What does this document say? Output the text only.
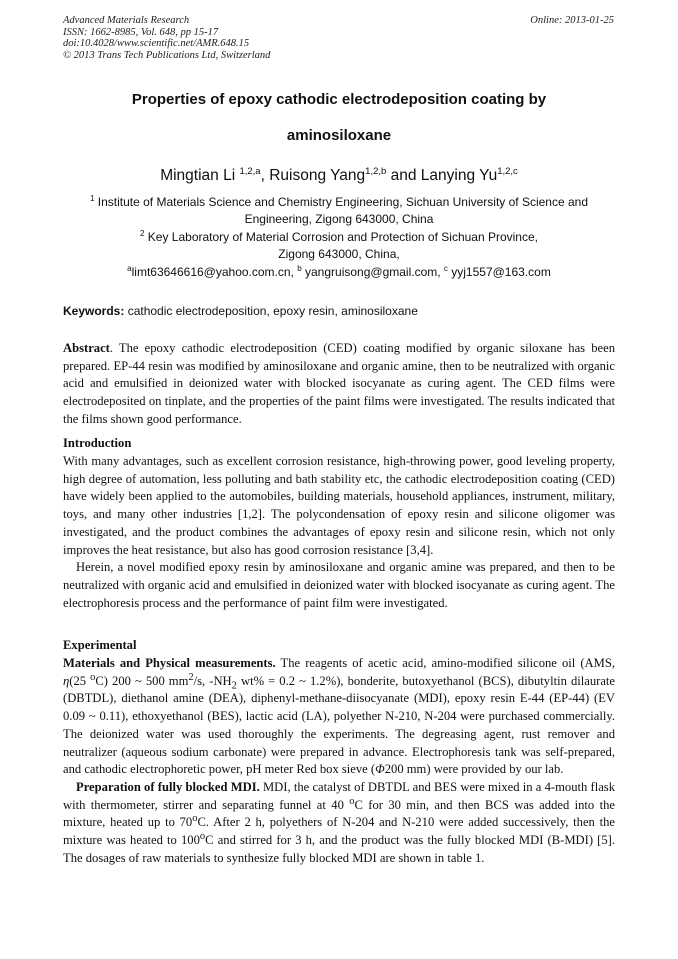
Advanced Materials Research
ISSN: 1662-8985, Vol. 648, pp 15-17
doi:10.4028/www.scientific.net/AMR.648.15
© 2013 Trans Tech Publications Ltd, Switzerland
Online: 2013-01-25
Properties of epoxy cathodic electrodeposition coating by
aminosiloxane
Mingtian Li $^{1,2,a}$, Ruisong Yang$^{1,2,b}$ and Lanying Yu$^{1,2,c}$
$^1$ Institute of Materials Science and Chemistry Engineering, Sichuan University of Science and
Engineering, Zigong 643000, China
$^2$ Key Laboratory of Material Corrosion and Protection of Sichuan Province,
Zigong 643000, China,
$^a$limt63646616@yahoo.com.cn, $^b$ yangruisong@gmail.com, $^c$ yyj1557@163.com
Keywords: cathodic electrodeposition, epoxy resin, aminosiloxane
Abstract. The epoxy cathodic electrodeposition (CED) coating modified by organic siloxane has been prepared. EP-44 resin was modified by aminosiloxane and organic amine, then to be neutralized with organic acid and emulsified in deionized water with blocked isocyanate as curing agent. The CED films were electrodeposited on tinplate, and the properties of the paint films were investigated. The results indicated that the films shown good performance.
Introduction
With many advantages, such as excellent corrosion resistance, high-throwing power, good leveling property, high degree of automation, less polluting and bath stability etc, the cathodic electrodeposition coating (CED) have widely been applied to the automobiles, building materials, household appliances, instrument, military, toys, and many other industries [1,2]. The polycondensation of epoxy resin and silicone oligomer was investigated, and the product combines the advantages of epoxy resin and silicone resin, which not only improves the heat resistance, but also has good corrosion resistance [3,4].
Herein, a novel modified epoxy resin by aminosiloxane and organic amine was prepared, and then to be neutralized with organic acid and emulsified in deionized water with blocked isocyanate as curing agent. The electrophoresis process and the performance of paint film were investigated.
Experimental
Materials and Physical measurements. The reagents of acetic acid, amino-modified silicone oil (AMS, η(25 $^o$C) 200 ~ 500 $mm^2/s$, $-NH_2$ wt% = 0.2 ~ 1.2%), bonderite, butoxyethanol (BCS), dibutyltin dilaurate (DBTDL), diethanol amine (DEA), diphenyl-methane-diisocyanate (MDI), epoxy resin E-44 (EP-44) (EV 0.09 ~ 0.11), ethoxyethanol (BES), lactic acid (LA), polyether N-210, N-204 were purchased commercially. The deionized water was used thoroughly the experiments. The degreasing agent, rust remover and neutralizer (aqueous sodium carbonate) were prepared in advance. Electrophoresis tank was self-prepared, and cathodic electrophoretic power, pH meter Red box sieve (Φ200 mm) were provided by our lab.
Preparation of fully blocked MDI. MDI, the catalyst of DBTDL and BES were mixed in a 4-mouth flask with thermometer, stirrer and separating funnel at 40 $^o$C for 30 min, and then BCS was added into the mixture, heated up to 70$^o$C. After 2 h, polyethers of N-204 and N-210 were added successively, then the mixture was heated to 100$^o$C and stirred for 3 h, and the product was the fully blocked MDI (B-MDI) [5]. The dosages of raw materials to synthesize fully blocked MDI are shown in table 1.
